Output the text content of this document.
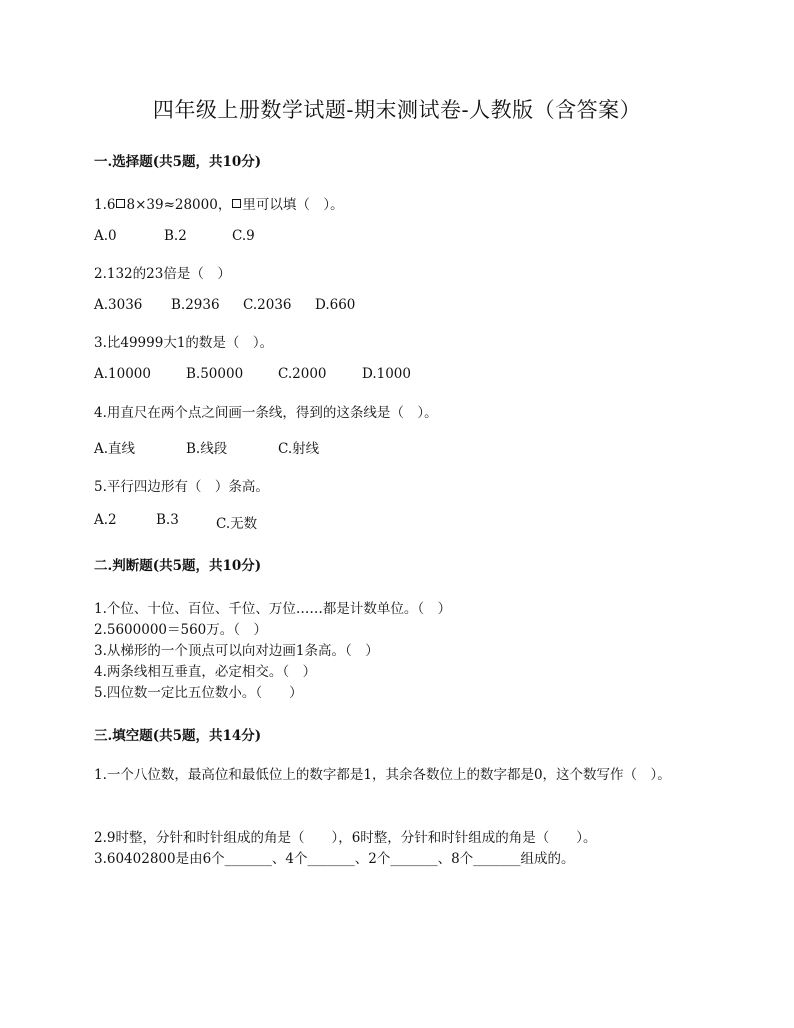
四年级上册数学试题-期末测试卷-人教版（含答案）
一.选择题(共5题，共10分)
1.6 8×39≈28000， 里可以填（　）。
A.0	B.2	C.9
2.132的23倍是（　）
A.3036 B.2936 C.2036 D.660
3.比49999大1的数是（　）。
A.10000	B.50000	C.2000	D.1000
4.用直尺在两个点之间画一条线，得到的这条线是（　）。
A.直线	B.线段	C.射线
5.平行四边形有（　）条高。
A.2	B.3	C.无数
二.判断题(共5题，共10分)
1.个位、十位、百位、千位、万位……都是计数单位。（　）
2.5600000＝560万。（　）
3.从梯形的一个顶点可以向对边画1条高。（　）
4.两条线相互垂直，必定相交。（　）
5.四位数一定比五位数小。（　　）
三.填空题(共5题，共14分)
1.一个八位数，最高位和最低位上的数字都是1，其余各数位上的数字都是0，这个数写作（　）。
2.9时整，分针和时针组成的角是（　　），6时整，分针和时针组成的角是（　　）。
3.60402800是由6个_______、4个_______、2个_______、8个_______组成的。
